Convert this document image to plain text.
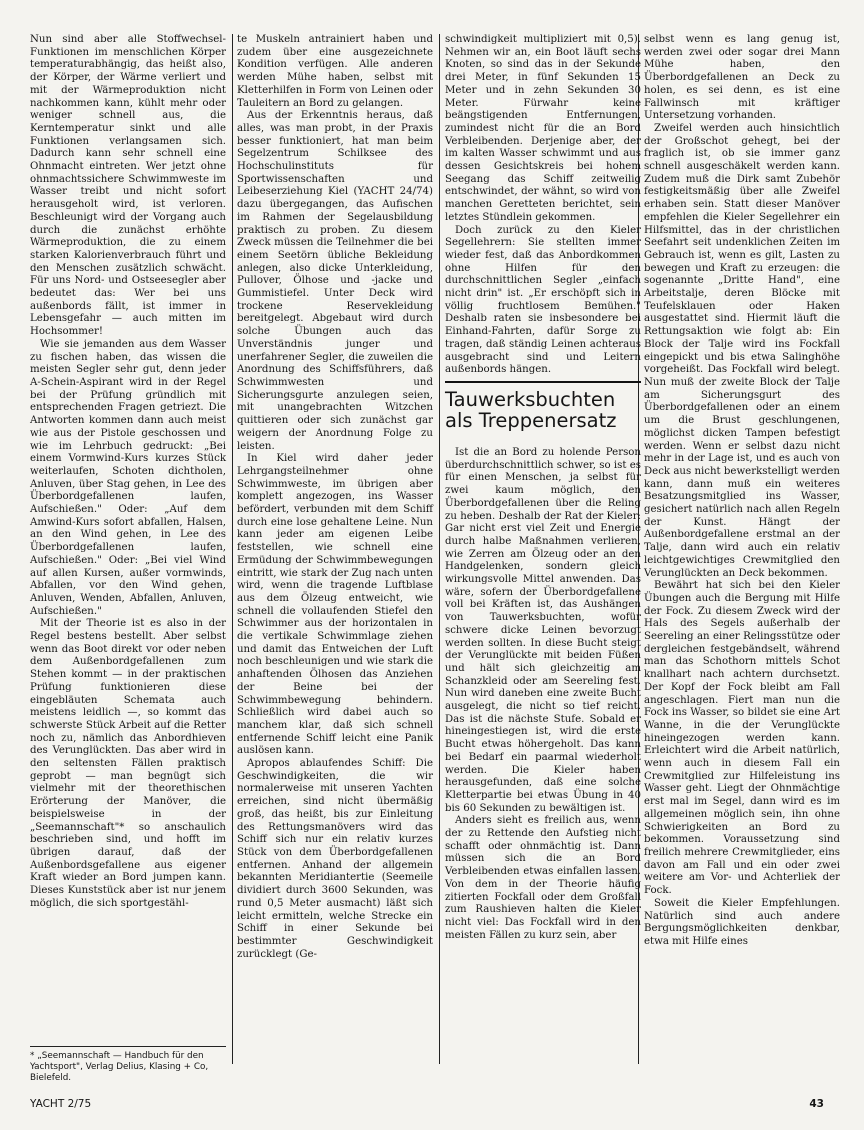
Nun sind aber alle Stoffwechsel-Funktionen im menschlichen Körper temperaturabhängig, das heißt also, der Körper, der Wärme verliert und mit der Wärmeproduktion nicht nachkommen kann, kühlt mehr oder weniger schnell aus, die Kerntemperatur sinkt und alle Funktionen verlangsamen sich. Dadurch kann sehr schnell eine Ohnmacht eintreten. Wer jetzt ohne ohnmachtssichere Schwimmweste im Wasser treibt und nicht sofort herausgeholt wird, ist verloren. Beschleunigt wird der Vorgang auch durch die zunächst erhöhte Wärmeproduktion, die zu einem starken Kalorienverbrauch führt und den Menschen zusätzlich schwächt. Für uns Nord- und Ostseesegler aber bedeutet das: Wer bei uns außenbords fällt, ist immer in Lebensgefahr — auch mitten im Hochsommer!

Wie sie jemanden aus dem Wasser zu fischen haben, das wissen die meisten Segler sehr gut, denn jeder A-Schein-Aspirant wird in der Regel bei der Prüfung gründlich mit entsprechenden Fragen getriezt. Die Antworten kommen dann auch meist wie aus der Pistole geschossen und wie im Lehrbuch gedruckt: „Bei einem Vormwind-Kurs kurzes Stück weiterlaufen, Schoten dichtholen, Anluven, über Stag gehen, in Lee des Überbordgefallenen laufen, Aufschießen." Oder: „Auf dem Amwind-Kurs sofort abfallen, Halsen, an den Wind gehen, in Lee des Überbordgefallenen laufen, Aufschießen." Oder: „Bei viel Wind auf allen Kursen, außer vormwinds, Abfallen, vor den Wind gehen, Anluven, Wenden, Abfallen, Anluven, Aufschießen."

Mit der Theorie ist es also in der Regel bestens bestellt. Aber selbst wenn das Boot direkt vor oder neben dem Außenbordgefallenen zum Stehen kommt — in der praktischen Prüfung funktionieren diese eingebläuten Schemata auch meistens leidlich —, so kommt das schwerste Stück Arbeit auf die Retter noch zu, nämlich das Anbordhieven des Verunglückten. Das aber wird in den seltensten Fällen praktisch geprobt — man begnügt sich vielmehr mit der theorethischen Erörterung der Manöver, die beispielsweise in der „Seemannschaft"* so anschaulich beschrieben sind, und hofft im übrigen darauf, daß der Außenbordsgefallene aus eigener Kraft wieder an Bord jumpen kann. Dieses Kunststück aber ist nur jenem möglich, die sich sportgestähl-

te Muskeln antrainiert haben und zudem über eine ausgezeichnete Kondition verfügen. Alle anderen werden Mühe haben, selbst mit Kletterhilfen in Form von Leinen oder Tauleitern an Bord zu gelangen.

Aus der Erkenntnis heraus, daß alles, was man probt, in der Praxis besser funktioniert, hat man beim Segelzentrum Schilksee des Hochschulinstituts für Sportwissenschaften und Leibeserziehung Kiel (YACHT 24/74) dazu übergegangen, das Aufischen im Rahmen der Segelausbildung praktisch zu proben. Zu diesem Zweck müssen die Teilnehmer die bei einem Seetörn übliche Bekleidung anlegen, also dicke Unterkleidung, Pullover, Ölhose und -jacke und Gummistiefel. Unter Deck wird trockene Reservekleidung bereitgelegt. Abgebaut wird durch solche Übungen auch das Unverständnis junger und unerfahrener Segler, die zuweilen die Anordnung des Schiffsführers, daß Schwimmwesten und Sicherungsgurte anzulegen seien, mit unangebrachten Witzchen quittieren oder sich zunächst gar weigern der Anordnung Folge zu leisten.

In Kiel wird daher jeder Lehrgangsteilnehmer ohne Schwimmweste, im übrigen aber komplett angezogen, ins Wasser befördert, verbunden mit dem Schiff durch eine lose gehaltene Leine. Nun kann jeder am eigenen Leibe feststellen, wie schnell eine Ermüdung der Schwimmbewegungen eintritt, wie stark der Zug nach unten wird, wenn die tragende Luftblase aus dem Ölzeug entweicht, wie schnell die vollaufenden Stiefel den Schwimmer aus der horizontalen in die vertikale Schwimmlage ziehen und damit das Entweichen der Luft noch beschleunigen und wie stark die anhaftenden Ölhosen das Anziehen der Beine bei der Schwimmbewegung behindern. Schließlich wird dabei auch so manchem klar, daß sich schnell entfernende Schiff leicht eine Panik auslösen kann.

Apropos ablaufendes Schiff: Die Geschwindigkeiten, die wir normalerweise mit unseren Yachten erreichen, sind nicht übermäßig groß, das heißt, bis zur Einleitung des Rettungsmanövers wird das Schiff sich nur ein relativ kurzes Stück von dem Überbordgefallenen entfernen. Anhand der allgemein bekannten Meridiantertie (Seemeile dividiert durch 3600 Sekunden, was rund 0,5 Meter ausmacht) läßt sich leicht ermitteln, welche Strecke ein Schiff in einer Sekunde bei bestimmter Geschwindigkeit zurücklegt (Ge-

schwindigkeit multipliziert mit 0,5). Nehmen wir an, ein Boot läuft sechs Knoten, so sind das in der Sekunde drei Meter, in fünf Sekunden 15 Meter und in zehn Sekunden 30 Meter. Fürwahr keine beängstigenden Entfernungen, zumindest nicht für die an Bord Verbleibenden. Derjenige aber, der im kalten Wasser schwimmt und aus dessen Gesichtskreis bei hohem Seegang das Schiff zeitweilig entschwindet, der wähnt, so wird von manchen Geretteten berichtet, sein letztes Stündlein gekommen.

Doch zurück zu den Kieler Segellehrern: Sie stellten immer wieder fest, daß das Anbordkommen ohne Hilfen für den durchschnittlichen Segler „einfach nicht drin" ist. „Er erschöpft sich in völlig fruchtlosem Bemühen." Deshalb raten sie insbesondere bei Einhand-Fahrten, dafür Sorge zu tragen, daß ständig Leinen achteraus ausgebracht sind und Leitern außenbords hängen.

Tauwerksbuchten als Treppenersatz

Ist die an Bord zu holende Person überdurchschnittlich schwer, so ist es für einen Menschen, ja selbst für zwei kaum möglich, den Überbordgefallenen über die Reling zu heben. Deshalb der Rat der Kieler: Gar nicht erst viel Zeit und Energie durch halbe Maßnahmen verlieren, wie Zerren am Ölzeug oder an den Handgelenken, sondern gleich wirkungsvolle Mittel anwenden. Das wäre, sofern der Überbordgefallene voll bei Kräften ist, das Aushängen von Tauwerksbuchten, wofür schwere dicke Leinen bevorzugt werden sollten. In diese Bucht steigt der Verunglückte mit beiden Füßen und hält sich gleichzeitig am Schanzkleid oder am Seereling fest. Nun wird daneben eine zweite Bucht ausgelegt, die nicht so tief reicht. Das ist die nächste Stufe. Sobald er hineingestiegen ist, wird die erste Bucht etwas höhergeholt. Das kann bei Bedarf ein paarmal wiederholt werden. Die Kieler haben herausgefunden, daß eine solche Kletterpartie bei etwas Übung in 40 bis 60 Sekunden zu bewältigen ist.

Anders sieht es freilich aus, wenn der zu Rettende den Aufstieg nicht schafft oder ohnmächtig ist. Dann müssen sich die an Bord Verbleibenden etwas einfallen lassen. Von dem in der Theorie häufig zitierten Fockfall oder dem Großfall zum Raushieven halten die Kieler nicht viel: Das Fockfall wird in den meisten Fällen zu kurz sein, aber

selbst wenn es lang genug ist, werden zwei oder sogar drei Mann Mühe haben, den Überbordgefallenen an Deck zu holen, es sei denn, es ist eine Fallwinsch mit kräftiger Untersetzung vorhanden.

Zweifel werden auch hinsichtlich der Großschot gehegt, bei der fraglich ist, ob sie immer ganz schnell ausgeschäkelt werden kann. Zudem muß die Dirk samt Zubehör festigkeitsmäßig über alle Zweifel erhaben sein. Statt dieser Manöver empfehlen die Kieler Segellehrer ein Hilfsmittel, das in der christlichen Seefahrt seit undenklichen Zeiten im Gebrauch ist, wenn es gilt, Lasten zu bewegen und Kraft zu erzeugen: die sogenannte „Dritte Hand", eine Arbeitstalje, deren Blöcke mit Teufelsklauen oder Haken ausgestattet sind. Hiermit läuft die Rettungsaktion wie folgt ab: Ein Block der Talje wird ins Fockfall eingepickt und bis etwa Salinghöhe vorgeheißt. Das Fockfall wird belegt. Nun muß der zweite Block der Talje am Sicherungsgurt des Überbordgefallenen oder an einem um die Brust geschlungenen, möglichst dicken Tampen befestigt werden. Wenn er selbst dazu nicht mehr in der Lage ist, und es auch von Deck aus nicht bewerkstelligt werden kann, dann muß ein weiteres Besatzungsmitglied ins Wasser, gesichert natürlich nach allen Regeln der Kunst. Hängt der Außenbordgefallene erstmal an der Talje, dann wird auch ein relativ leichtgewichtiges Crewmitglied den Verunglückten an Deck bekommen.

Bewährt hat sich bei den Kieler Übungen auch die Bergung mit Hilfe der Fock. Zu diesem Zweck wird der Hals des Segels außerhalb der Seereling an einer Relingsstütze oder dergleichen festgebändselt, während man das Schothorn mittels Schot knallhart nach achtern durchsetzt. Der Kopf der Fock bleibt am Fall angeschlagen. Fiert man nun die Fock ins Wasser, so bildet sie eine Art Wanne, in die der Verunglückte hineingezogen werden kann. Erleichtert wird die Arbeit natürlich, wenn auch in diesem Fall ein Crewmitglied zur Hilfeleistung ins Wasser geht. Liegt der Ohnmächtige erst mal im Segel, dann wird es im allgemeinen möglich sein, ihn ohne Schwierigkeiten an Bord zu bekommen. Voraussetzung sind freilich mehrere Crewmitglieder, eins davon am Fall und ein oder zwei weitere am Vor- und Achterliek der Fock.

Soweit die Kieler Empfehlungen. Natürlich sind auch andere Bergungsmöglichkeiten denkbar, etwa mit Hilfe eines

* „Seemannschaft — Handbuch für den Yachtsport", Verlag Delius, Klasing + Co, Bielefeld.
YACHT 2/75	43
